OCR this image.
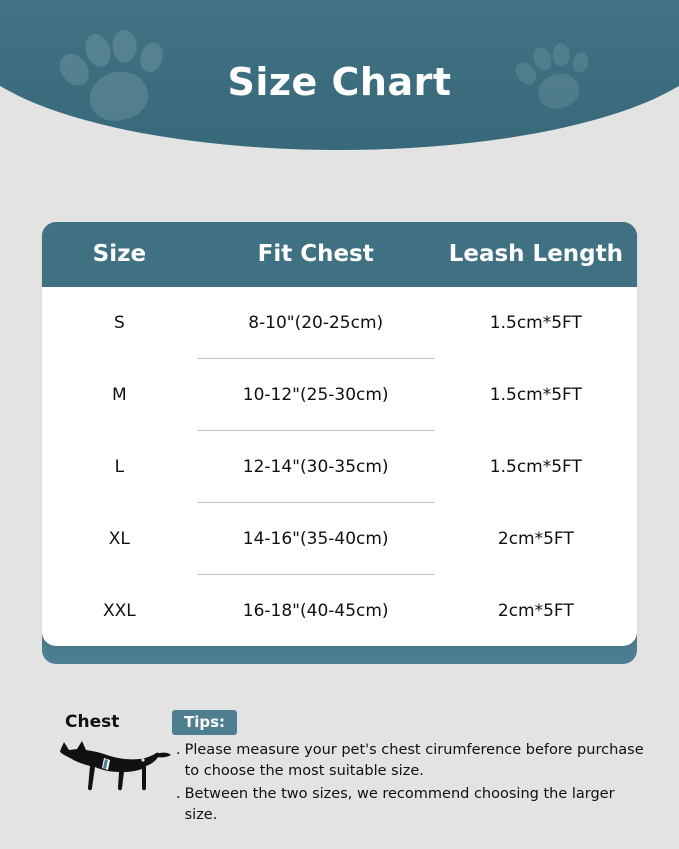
Size Chart
Size	Fit Chest	Leash Length
S	8-10"(20-25cm)	1.5cm*5FT
M	10-12"(25-30cm)	1.5cm*5FT
L	12-14"(30-35cm)	1.5cm*5FT
XL	14-16"(35-40cm)	2cm*5FT
XXL	16-18"(40-45cm)	2cm*5FT
Chest	Tips:
. Please measure your pet's chest cirumference before purchase to choose the most suitable size.
. Between the two sizes, we recommend choosing the larger size.
